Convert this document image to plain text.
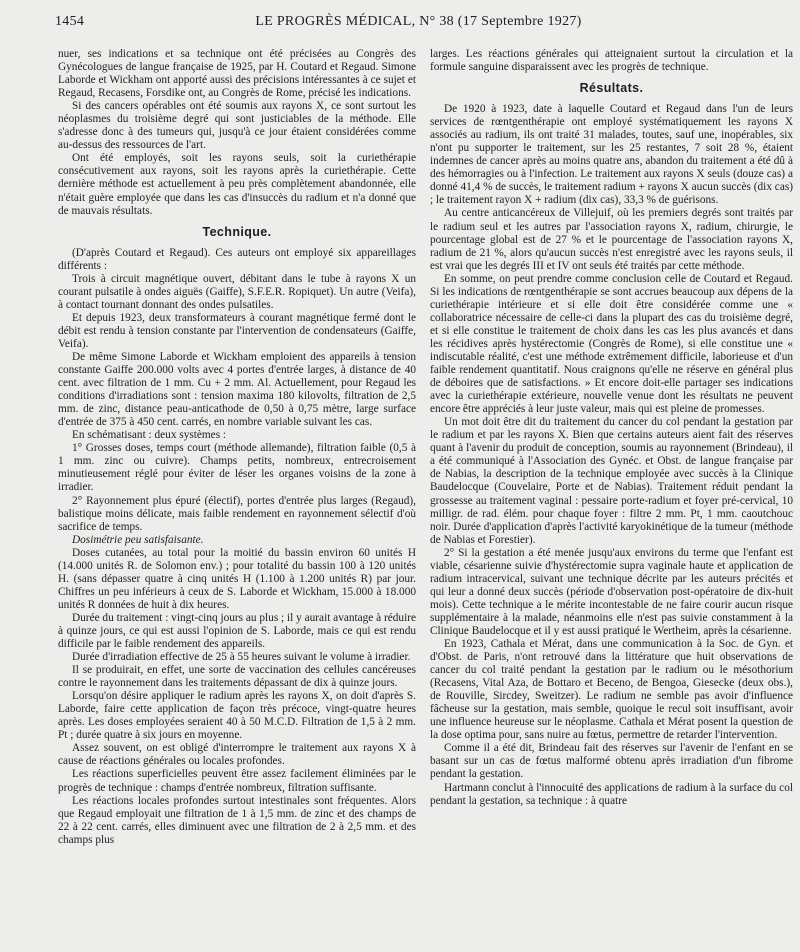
1454	LE PROGRÈS MÉDICAL, N° 38 (17 Septembre 1927)

nuer, ses indications et sa technique ont été précisées au Congrès des Gynécologues de langue française de 1925, par H. Coutard et Regaud. Simone Laborde et Wickham ont apporté aussi des précisions intéressantes à ce sujet et Regaud, Recasens, Forsdike ont, au Congrès de Rome, précisé les indications.

Si des cancers opérables ont été soumis aux rayons X, ce sont surtout les néoplasmes du troisième degré qui sont justiciables de la méthode. Elle s'adresse donc à des tumeurs qui, jusqu'à ce jour étaient considérées comme au-dessus des ressources de l'art.

Ont été employés, soit les rayons seuls, soit la curiethérapie consécutivement aux rayons, soit les rayons après la curiethérapie. Cette dernière méthode est actuellement à peu près complètement abandonnée, elle n'était guère employée que dans les cas d'insuccès du radium et n'a donné que de mauvais résultats.

Technique.

(D'après Coutard et Regaud). Ces auteurs ont employé six appareillages différents :

Trois à circuit magnétique ouvert, débitant dans le tube à rayons X un courant pulsatile à ondes aiguës (Gaiffe), S.F.E.R. Ropiquet). Un autre (Veifa), à contact tournant donnant des ondes pulsatiles.

Et depuis 1923, deux transformateurs à courant magnétique fermé dont le débit est rendu à tension constante par l'intervention de condensateurs (Gaiffe, Veifa).

De même Simone Laborde et Wickham emploient des appareils à tension constante Gaiffe 200.000 volts avec 4 portes d'entrée larges, à distance de 40 cent. avec filtration de 1 mm. Cu + 2 mm. Al. Actuellement, pour Regaud les conditions d'irradiations sont : tension maxima 180 kilovolts, filtration de 2,5 mm. de zinc, distance peau-anticathode de 0,50 à 0,75 mètre, large surface d'entrée de 375 à 450 cent. carrés, en nombre variable suivant les cas.

En schématisant : deux systèmes :

1° Grosses doses, temps court (méthode allemande), filtration faible (0,5 à 1 mm. zinc ou cuivre). Champs petits, nombreux, entrecroisement minutieusement réglé pour éviter de léser les organes voisins de la zone à irradier.

2° Rayonnement plus épuré (électif), portes d'entrée plus larges (Regaud), balistique moins délicate, mais faible rendement en rayonnement sélectif d'où sacrifice de temps.

Dosimétrie peu satisfaisante.

Doses cutanées, au total pour la moitié du bassin environ 60 unités H (14.000 unités R. de Solomon env.) ; pour totalité du bassin 100 à 120 unités H. (sans dépasser quatre à cinq unités H (1.100 à 1.200 unités R) par jour. Chiffres un peu inférieurs à ceux de S. Laborde et Wickham, 15.000 à 18.000 unités R données de huit à dix heures.

Durée du traitement : vingt-cinq jours au plus ; il y aurait avantage à réduire à quinze jours, ce qui est aussi l'opinion de S. Laborde, mais ce qui est rendu difficile par le faible rendement des appareils.

Durée d'irradiation effective de 25 à 55 heures suivant le volume à irradier.

Il se produirait, en effet, une sorte de vaccination des cellules cancéreuses contre le rayonnement dans les traitements dépassant de dix à quinze jours.

Lorsqu'on désire appliquer le radium après les rayons X, on doit d'après S. Laborde, faire cette application de façon très précoce, vingt-quatre heures après. Les doses employées seraient 40 à 50 M.C.D. Filtration de 1,5 à 2 mm. Pt ; durée quatre à six jours en moyenne.

Assez souvent, on est obligé d'interrompre le traitement aux rayons X à cause de réactions générales ou locales profondes.

Les réactions superficielles peuvent être assez facilement éliminées par le progrès de technique : champs d'entrée nombreux, filtration suffisante.

Les réactions locales profondes surtout intestinales sont fréquentes. Alors que Regaud employait une filtration de 1 à 1,5 mm. de zinc et des champs de 22 à 22 cent. carrés, elles diminuent avec une filtration de 2 à 2,5 mm. et des champs plus

larges. Les réactions générales qui atteignaient surtout la circulation et la formule sanguine disparaissent avec les progrès de technique.

Résultats.

De 1920 à 1923, date à laquelle Coutard et Regaud dans l'un de leurs services de rœntgenthérapie ont employé systématiquement les rayons X associés au radium, ils ont traité 31 malades, toutes, sauf une, inopérables, six n'ont pu supporter le traitement, sur les 25 restantes, 7 soit 28 %, étaient indemnes de cancer après au moins quatre ans, abandon du traitement a été dû à des hémorragies ou à l'infection. Le traitement aux rayons X seuls (douze cas) a donné 41,4 % de succès, le traitement radium + rayons X aucun succès (dix cas) ; le traitement rayon X + radium (dix cas), 33,3 % de guérisons.

Au centre anticancéreux de Villejuif, où les premiers degrés sont traités par le radium seul et les autres par l'association rayons X, radium, chirurgie, le pourcentage global est de 27 % et le pourcentage de l'association rayons X, radium de 21 %, alors qu'aucun succès n'est enregistré avec les rayons seuls, il est vrai que les degrés III et IV ont seuls été traités par cette méthode.

En somme, on peut prendre comme conclusion celle de Coutard et Regaud. Si les indications de rœntgenthérapie se sont accrues beaucoup aux dépens de la curiethérapie intérieure et si elle doit être considérée comme une « collaboratrice nécessaire de celle-ci dans la plupart des cas du troisième degré, et si elle constitue le traitement de choix dans les cas les plus avancés et dans les récidives après hystérectomie (Congrès de Rome), si elle constitue une « indiscutable réalité, c'est une méthode extrêmement difficile, laborieuse et d'un faible rendement quantitatif. Nous craignons qu'elle ne réserve en général plus de déboires que de satisfactions. » Et encore doit-elle partager ses indications avec la curiethérapie extérieure, nouvelle venue dont les résultats ne peuvent encore être appréciés à leur juste valeur, mais qui est pleine de promesses.

Un mot doit être dit du traitement du cancer du col pendant la gestation par le radium et par les rayons X. Bien que certains auteurs aient fait des réserves quant à l'avenir du produit de conception, soumis au rayonnement (Brindeau), il a été communiqué à l'Association des Gynéc. et Obst. de langue française par de Nabias, la description de la technique employée avec succès à la Clinique Baudelocque (Couvelaire, Porte et de Nabias). Traitement réduit pendant la grossesse au traitement vaginal : pessaire porte-radium et foyer pré-cervical, 10 milligr. de rad. élém. pour chaque foyer : filtre 2 mm. Pt, 1 mm. caoutchouc noir. Durée d'application d'après l'activité karyokinétique de la tumeur (méthode de Nabias et Forestier).

2° Si la gestation a été menée jusqu'aux environs du terme que l'enfant est viable, césarienne suivie d'hystérectomie supra vaginale haute et application de radium intracervical, suivant une technique décrite par les auteurs précités et qui leur a donné deux succès (période d'observation post-opératoire de dix-huit mois). Cette technique a le mérite incontestable de ne faire courir aucun risque supplémentaire à la malade, néanmoins elle n'est pas suivie constamment à la Clinique Baudelocque et il y est aussi pratiqué le Wertheim, après la césarienne.

En 1923, Cathala et Mérat, dans une communication à la Soc. de Gyn. et d'Obst. de Paris, n'ont retrouvé dans la littérature que huit observations de cancer du col traité pendant la gestation par le radium ou le mésothorium (Recasens, Vital Aza, de Bottaro et Beceno, de Bengoa, Giesecke (deux obs.), de Rouville, Sircdey, Sweitzer). Le radium ne semble pas avoir d'influence fâcheuse sur la gestation, mais semble, quoique le recul soit insuffisant, avoir une influence heureuse sur le néoplasme. Cathala et Mérat posent la question de la dose optima pour, sans nuire au fœtus, permettre de retarder l'intervention.

Comme il a été dit, Brindeau fait des réserves sur l'avenir de l'enfant en se basant sur un cas de fœtus malformé obtenu après irradiation d'un fibrome pendant la gestation.

Hartmann conclut à l'innocuité des applications de radium à la surface du col pendant la gestation, sa technique : à quatre
